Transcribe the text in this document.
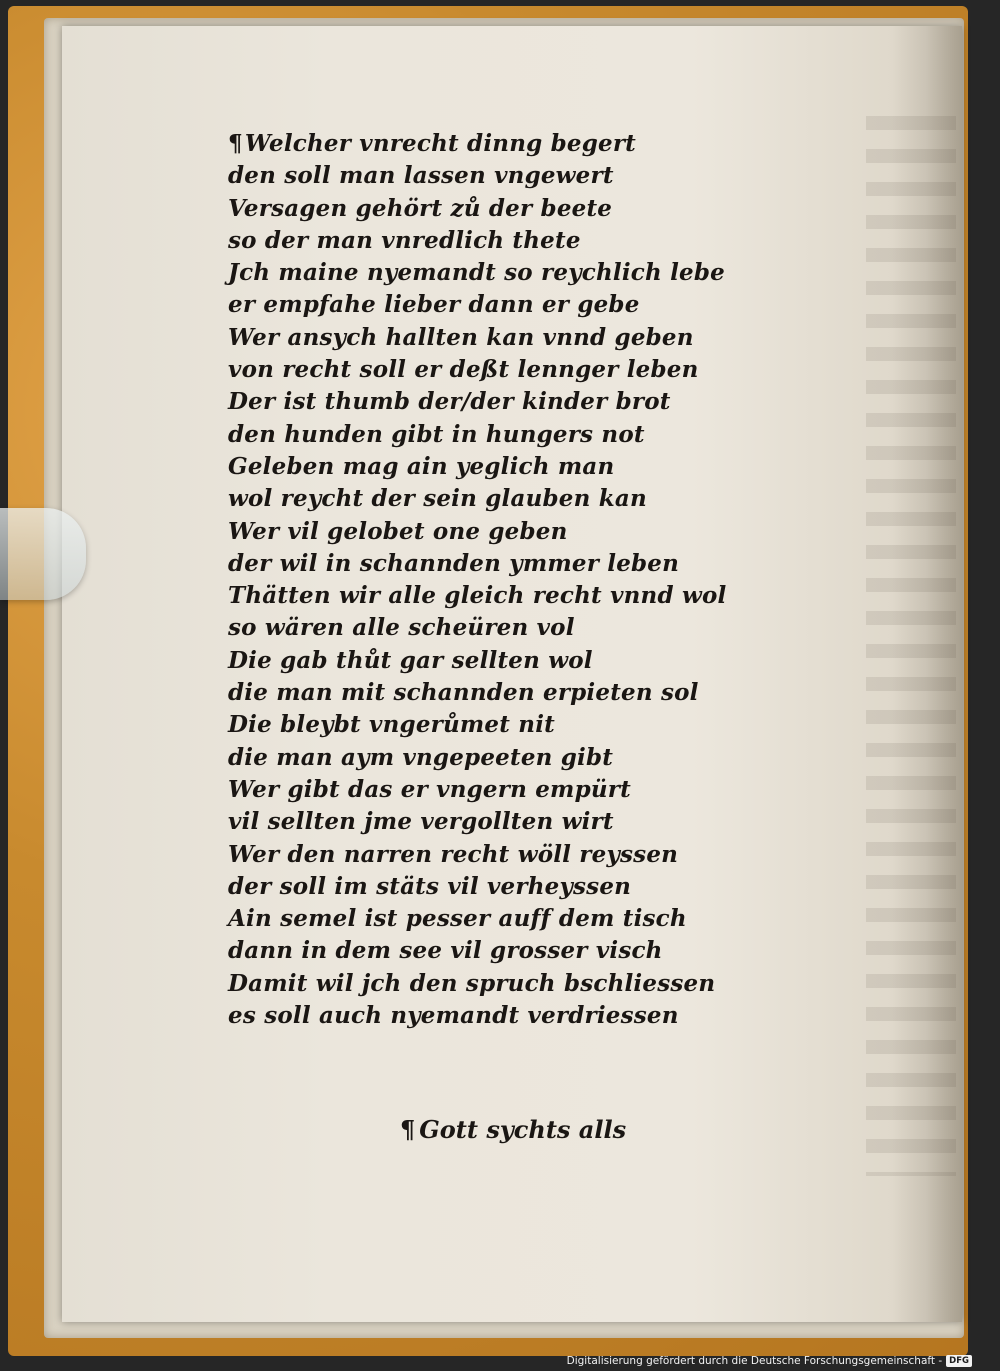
¶ Welcher vnrecht dinng begert
den soll man lassen vngewert
Versagen gehört zů der beete
so der man vnredlich thete
Jch maine nyemandt so reychlich lebe
er empfahe lieber dann er gebe
Wer ansych hallten kan vnnd geben
von recht soll er deßt lennger leben
Der ist thumb der/der kinder brot
den hunden gibt in hungers not
Geleben mag ain yeglich man
wol reycht der sein glauben kan
Wer vil gelobet one geben
der wil in schannden ymmer leben
Thätten wir alle gleich recht vnnd wol
so wären alle scheüren vol
Die gab thůt gar sellten wol
die man mit schannden erpieten sol
Die bleybt vngerůmet nit
die man aym vngepeeten gibt
Wer gibt das er vngern empürt
vil sellten jme vergollten wirt
Wer den narren recht wöll reyssen
der soll im stäts vil verheyssen
Ain semel ist pesser auff dem tisch
dann in dem see vil grosser visch
Damit wil jch den spruch bschliessen
es soll auch nyemandt verdriessen
¶ Gott sychts alls
Digitalisierung gefördert durch die Deutsche Forschungsgemeinschaft - DFG
